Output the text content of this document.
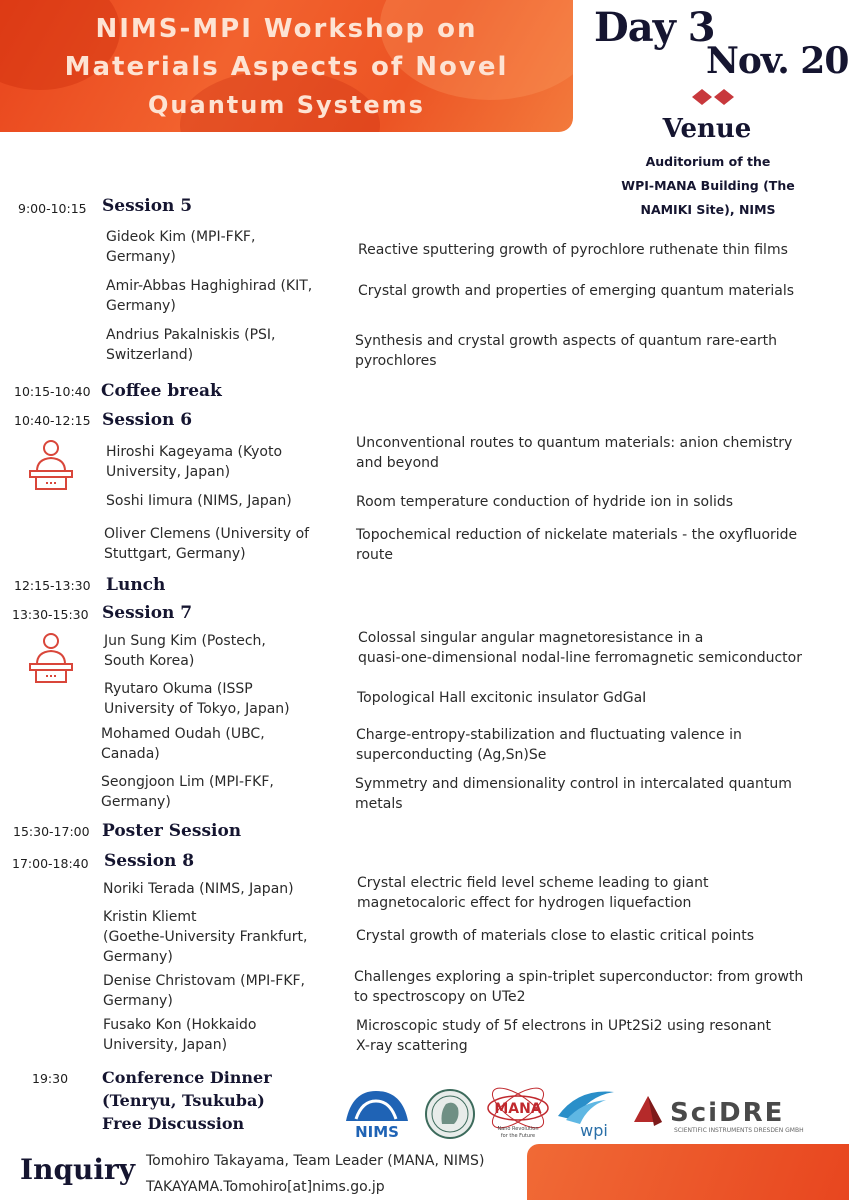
NIMS-MPI Workshop on
Materials Aspects of Novel
Quantum Systems
Day 3
Nov. 20
Venue
Auditorium of the
WPI-MANA Building (The
NAMIKI Site), NIMS
9:00-10:15 Session 5
10:15-10:40 Coffee break
10:40-12:15 Session 6
12:15-13:30 Lunch
13:30-15:30 Session 7
15:30-17:00 Poster Session
17:00-18:40 Session 8
19:30 Conference Dinner
(Tenryu, Tsukuba)
Free Discussion
Gideok Kim (MPI-FKF,
Germany)
Amir-Abbas Haghighirad (KIT,
Germany)
Andrius Pakalniskis (PSI,
Switzerland)
Hiroshi Kageyama (Kyoto
University, Japan)
Soshi Iimura (NIMS, Japan)
Oliver Clemens (University of
Stuttgart, Germany)
Jun Sung Kim (Postech,
South Korea)
Ryutaro Okuma (ISSP
University of Tokyo, Japan)
Mohamed Oudah (UBC,
Canada)
Seongjoon Lim (MPI-FKF,
Germany)
Noriki Terada (NIMS, Japan)
Kristin Kliemt
(Goethe-University Frankfurt,
Germany)
Denise Christovam (MPI-FKF,
Germany)
Fusako Kon (Hokkaido
University, Japan)
Reactive sputtering growth of pyrochlore ruthenate thin films
Crystal growth and properties of emerging quantum materials
Synthesis and crystal growth aspects of quantum rare-earth
pyrochlores
Unconventional routes to quantum materials: anion chemistry
and beyond
Room temperature conduction of hydride ion in solids
Topochemical reduction of nickelate materials - the oxyfluoride
route
Colossal singular angular magnetoresistance in a
quasi-one-dimensional nodal-line ferromagnetic semiconductor
Topological Hall excitonic insulator GdGaI
Charge-entropy-stabilization and fluctuating valence in
superconducting (Ag,Sn)Se
Symmetry and dimensionality control in intercalated quantum
metals
Crystal electric field level scheme leading to giant
magnetocaloric effect for hydrogen liquefaction
Crystal growth of materials close to elastic critical points
Challenges exploring a spin-triplet superconductor: from growth
to spectroscopy on UTe2
Microscopic study of 5f electrons in UPt2Si2 using resonant
X-ray scattering
NIMS
MANA
Nano Revolution
for the Future	wpi
SciDRE
SCIENTIFIC INSTRUMENTS DRESDEN GMBH
Inquiry Tomohiro Takayama, Team Leader (MANA, NIMS)
TAKAYAMA.Tomohiro[at]nims.go.jp
